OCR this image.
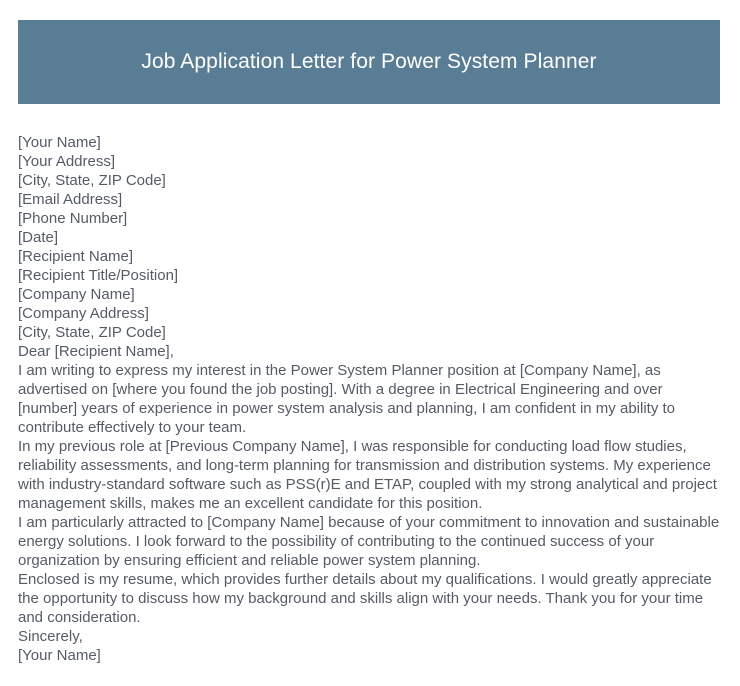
Job Application Letter for Power System Planner
[Your Name]
[Your Address]
[City, State, ZIP Code]
[Email Address]
[Phone Number]
[Date]
[Recipient Name]
[Recipient Title/Position]
[Company Name]
[Company Address]
[City, State, ZIP Code]
Dear [Recipient Name],

I am writing to express my interest in the Power System Planner position at [Company Name], as advertised on [where you found the job posting]. With a degree in Electrical Engineering and over [number] years of experience in power system analysis and planning, I am confident in my ability to contribute effectively to your team.

In my previous role at [Previous Company Name], I was responsible for conducting load flow studies, reliability assessments, and long-term planning for transmission and distribution systems. My experience with industry-standard software such as PSS(r)E and ETAP, coupled with my strong analytical and project management skills, makes me an excellent candidate for this position.

I am particularly attracted to [Company Name] because of your commitment to innovation and sustainable energy solutions. I look forward to the possibility of contributing to the continued success of your organization by ensuring efficient and reliable power system planning.

Enclosed is my resume, which provides further details about my qualifications. I would greatly appreciate the opportunity to discuss how my background and skills align with your needs. Thank you for your time and consideration.

Sincerely,
[Your Name]
